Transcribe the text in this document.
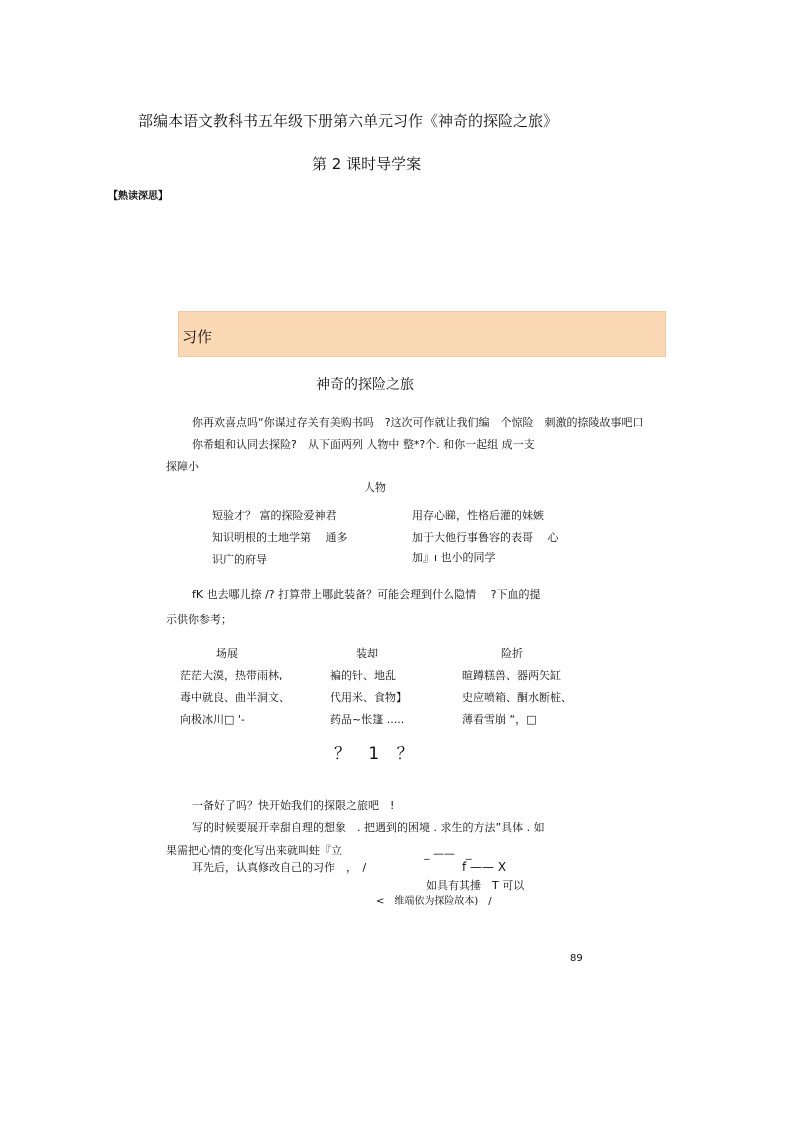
部编本语文教科书五年级下册第六单元习作《神奇的探险之旅》
第 2 课时导学案
【熟读深思】
习作
神奇的探险之旅
你再欢喜点吗“你谋过存关有美购书吗　?这次可作就让我们编　个惊险　刺激的捺陵故事吧口
你希蛆和认同去探险?　从下面两列 人物中 整*?个. 和你一起组 成一支
探障小
人物
短验才？ 富的探险爱神君
知识明根的土地学第　 通多
识广的府导
用存心睇，性格后灌的妹嫉
加于大他行事鲁容的表哥　 心
加』ı 也小的同学
fK 也去哪儿捺 /? 打算带上哪此装备？可能会理到什么隐情　 ?下血的提
示供你参考；
场展	装却	险折
茫茫大漠，热带雨林,
毒中就良、曲半洞文、
向极冰川□ '-
褊的针、地乱
代用米、食物】
药品~怅篷 .....
暄蹲糕兽、器两矢缸
史应喷箱、酮水断桩、
薄看雪崩 “，□
？ 1 ？
一备好了吗？快开始我们的探限之旅吧　!
写的时候要展开幸甜自理的想象　. 把遇到的困境 . 求生的方法”具体 . 如
果需把心情的变化写出来就叫蛀『立
耳先后，认真修改自己的习作　，　/
_ ——　_
f —— X
如具有其捶　T 可以
<　维端依为探险故本)　/
89
